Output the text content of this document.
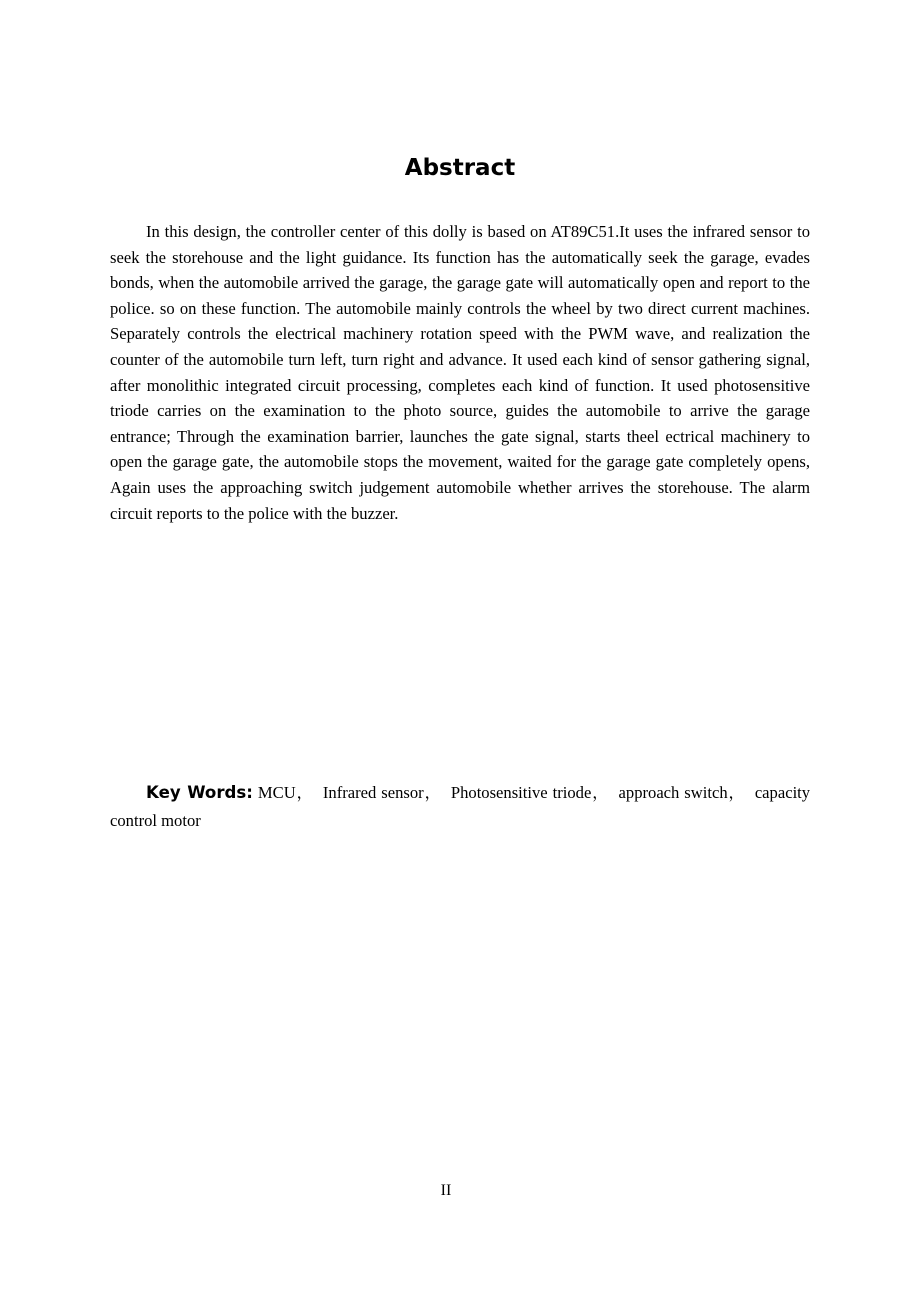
Abstract

In this design, the controller center of this dolly is based on AT89C51.It uses the infrared sensor to seek the storehouse and the light guidance. Its function has the automatically seek the garage, evades bonds, when the automobile arrived the garage, the garage gate will automatically open and report to the police. so on these function. The automobile mainly controls the wheel by two direct current machines. Separately controls the electrical machinery rotation speed with the PWM wave, and realization the counter of the automobile turn left, turn right and advance. It used each kind of sensor gathering signal, after monolithic integrated circuit processing, completes each kind of function. It used photosensitive triode carries on the examination to the photo source, guides the automobile to arrive the garage entrance; Through the examination barrier, launches the gate signal, starts theel ectrical machinery to open the garage gate, the automobile stops the movement, waited for the garage gate completely opens, Again uses the approaching switch judgement automobile whether arrives the storehouse. The alarm circuit reports to the police with the buzzer.

Key Words: MCU， Infrared sensor， Photosensitive triode， approach switch， capacity control motor

II
